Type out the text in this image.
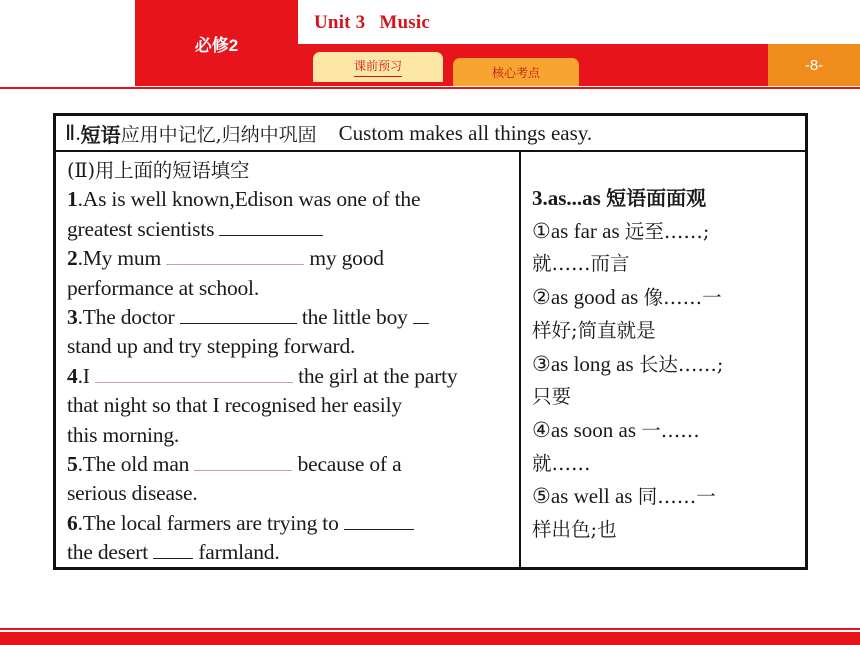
必修2
Unit 3 Music
课前预习	核心考点	-8-
Ⅱ . 短语 应用中记忆,归纳中巩固 Custom makes all things easy.
(Ⅱ)用上面的短语填空
1.As is well known,Edison was one of the
greatest scientists
2.My mum	my good
performance at school.
3.The doctor	the little boy
stand up and try stepping forward.
4.I	the girl at the party
that night so that I recognised her easily
this morning.
5.The old man	because of a
serious disease.
6.The local farmers are trying to
the desert  farmland.
3.as...as 短语面面观
①as far as 远至……;
就……而言
②as good as 像……一
样好;简直就是
③as long as 长达……;
只要
④as soon as 一……
就……
⑤as well as 同……一
样出色;也
